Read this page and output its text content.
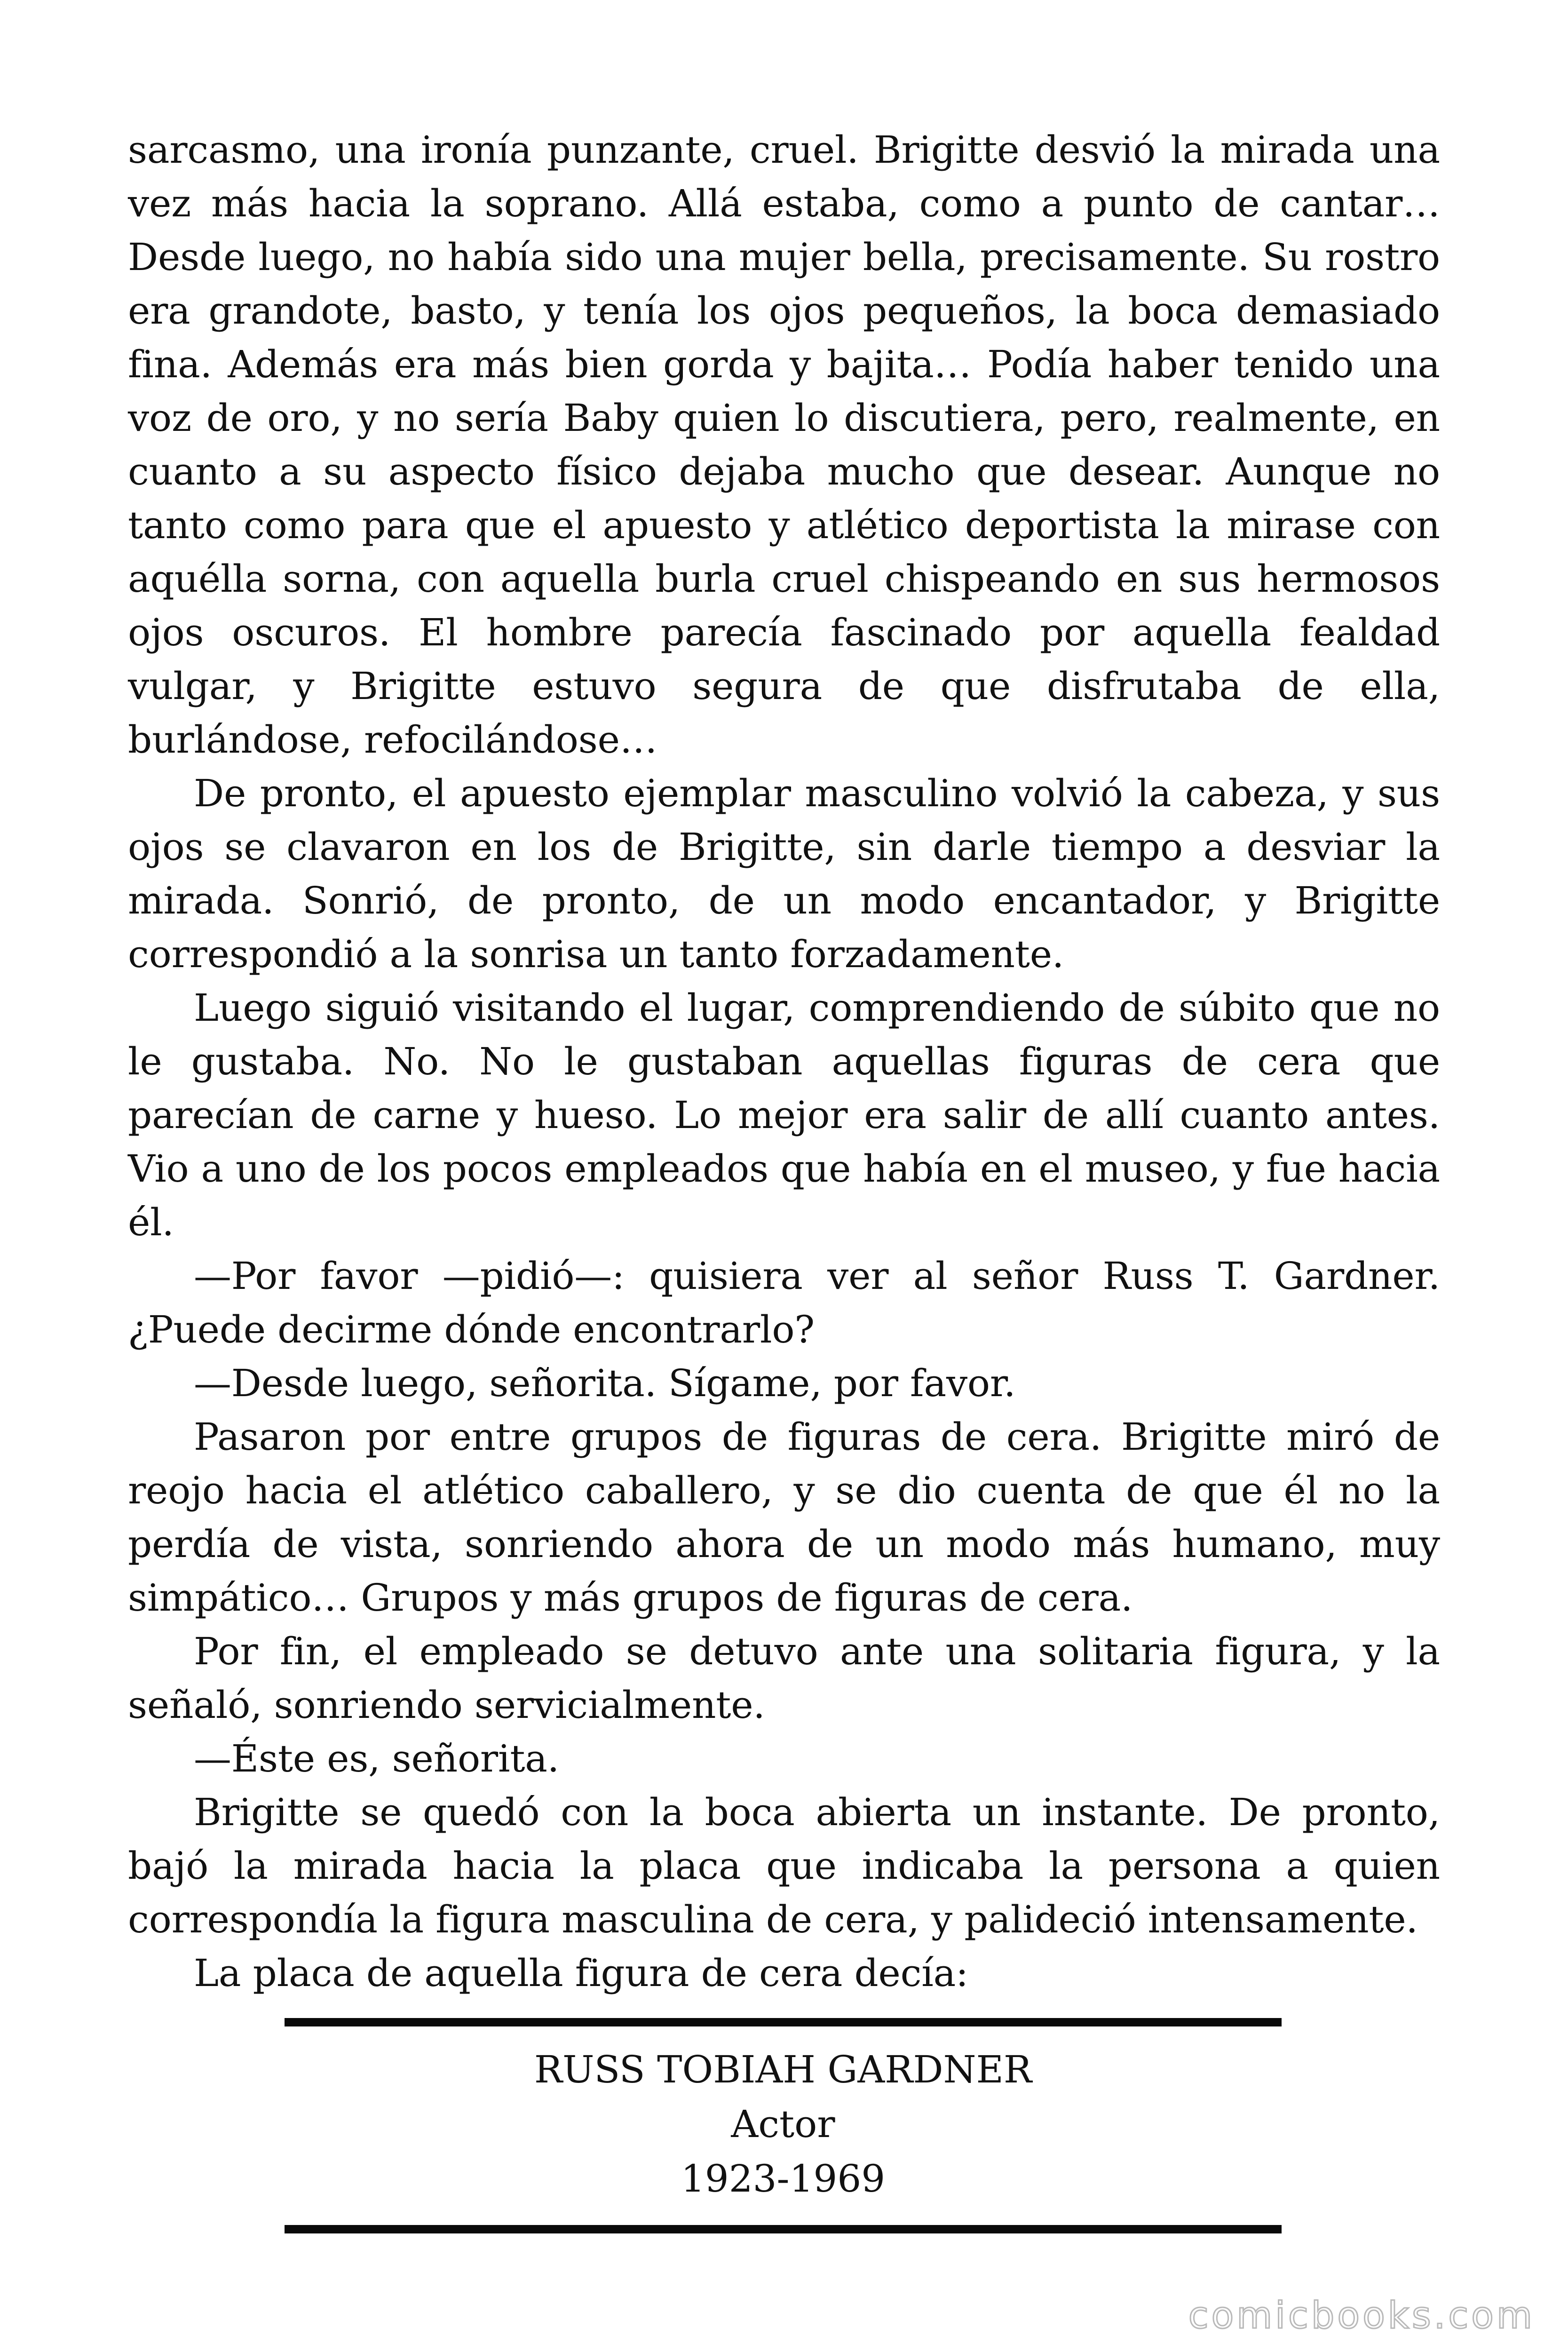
sarcasmo, una ironía punzante, cruel. Brigitte desvió la mirada una vez más hacia la soprano. Allá estaba, como a punto de cantar… Desde luego, no había sido una mujer bella, precisamente. Su rostro era grandote, basto, y tenía los ojos pequeños, la boca demasiado fina. Además era más bien gorda y bajita… Podía haber tenido una voz de oro, y no sería Baby quien lo discutiera, pero, realmente, en cuanto a su aspecto físico dejaba mucho que desear. Aunque no tanto como para que el apuesto y atlético deportista la mirase con aquélla sorna, con aquella burla cruel chispeando en sus hermosos ojos oscuros. El hombre parecía fascinado por aquella fealdad vulgar, y Brigitte estuvo segura de que disfrutaba de ella, burlándose, refocilándose…

De pronto, el apuesto ejemplar masculino volvió la cabeza, y sus ojos se clavaron en los de Brigitte, sin darle tiempo a desviar la mirada. Sonrió, de pronto, de un modo encantador, y Brigitte correspondió a la sonrisa un tanto forzadamente.

Luego siguió visitando el lugar, comprendiendo de súbito que no le gustaba. No. No le gustaban aquellas figuras de cera que parecían de carne y hueso. Lo mejor era salir de allí cuanto antes. Vio a uno de los pocos empleados que había en el museo, y fue hacia él.

—Por favor —pidió—: quisiera ver al señor Russ T. Gardner. ¿Puede decirme dónde encontrarlo?

—Desde luego, señorita. Sígame, por favor.

Pasaron por entre grupos de figuras de cera. Brigitte miró de reojo hacia el atlético caballero, y se dio cuenta de que él no la perdía de vista, sonriendo ahora de un modo más humano, muy simpático… Grupos y más grupos de figuras de cera.

Por fin, el empleado se detuvo ante una solitaria figura, y la señaló, sonriendo servicialmente.

—Éste es, señorita.

Brigitte se quedó con la boca abierta un instante. De pronto, bajó la mirada hacia la placa que indicaba la persona a quien correspondía la figura masculina de cera, y palideció intensamente.

La placa de aquella figura de cera decía:

RUSS TOBIAH GARDNER
Actor
1923-1969
comicbooks.com
